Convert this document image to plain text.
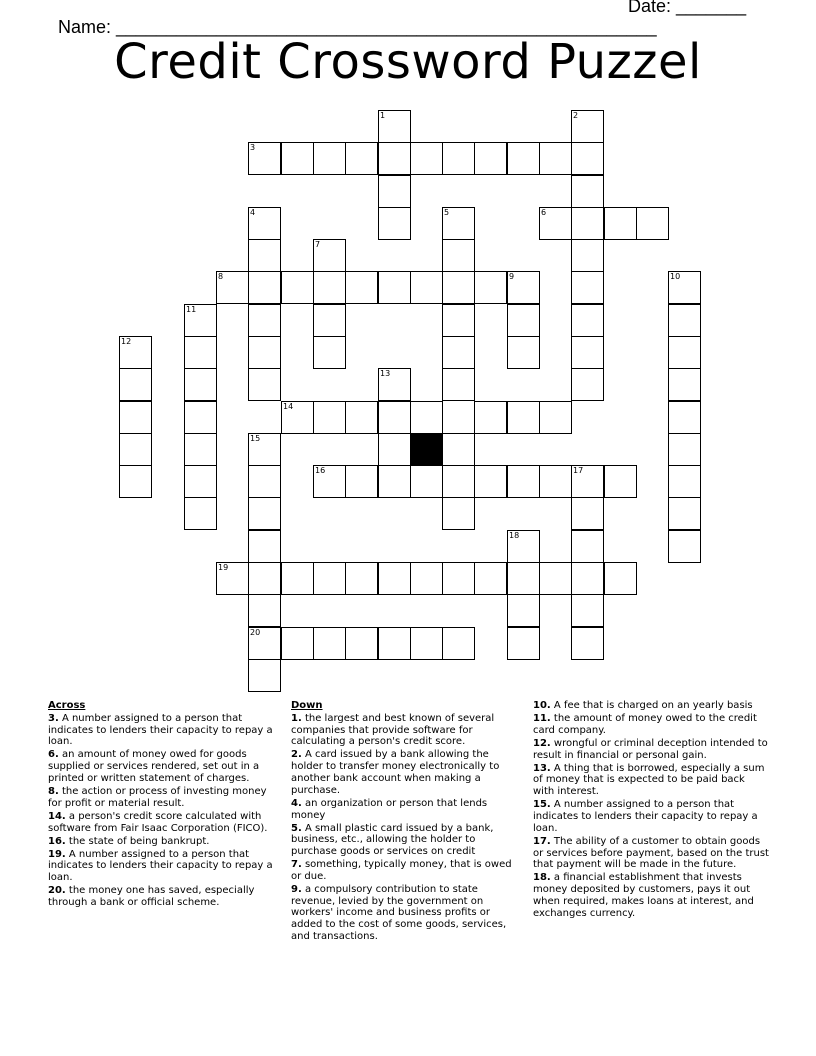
Name: ______________________________________________________

Date: _______

Credit Crossword Puzzel
1	2
3
4	5	6
7
8	9	10
11
12
13
14
15
16	17
18
19
20
Across
3. A number assigned to a person that indicates to lenders their capacity to repay a loan.
6. an amount of money owed for goods supplied or services rendered, set out in a printed or written statement of charges.
8. the action or process of investing money for profit or material result.
14. a person's credit score calculated with software from Fair Isaac Corporation (FICO).
16. the state of being bankrupt.
19. A number assigned to a person that indicates to lenders their capacity to repay a loan.
20. the money one has saved, especially through a bank or official scheme.
Down
1. the largest and best known of several companies that provide software for calculating a person's credit score.
2. A card issued by a bank allowing the holder to transfer money electronically to another bank account when making a purchase.
4. an organization or person that lends money
5. A small plastic card issued by a bank, business, etc., allowing the holder to purchase goods or services on credit
7. something, typically money, that is owed or due.
9. a compulsory contribution to state revenue, levied by the government on workers' income and business profits or added to the cost of some goods, services, and transactions.
10. A fee that is charged on an yearly basis
11. the amount of money owed to the credit card company.
12. wrongful or criminal deception intended to result in financial or personal gain.
13. A thing that is borrowed, especially a sum of money that is expected to be paid back with interest.
15. A number assigned to a person that indicates to lenders their capacity to repay a loan.
17. The ability of a customer to obtain goods or services before payment, based on the trust that payment will be made in the future.
18. a financial establishment that invests money deposited by customers, pays it out when required, makes loans at interest, and exchanges currency.
